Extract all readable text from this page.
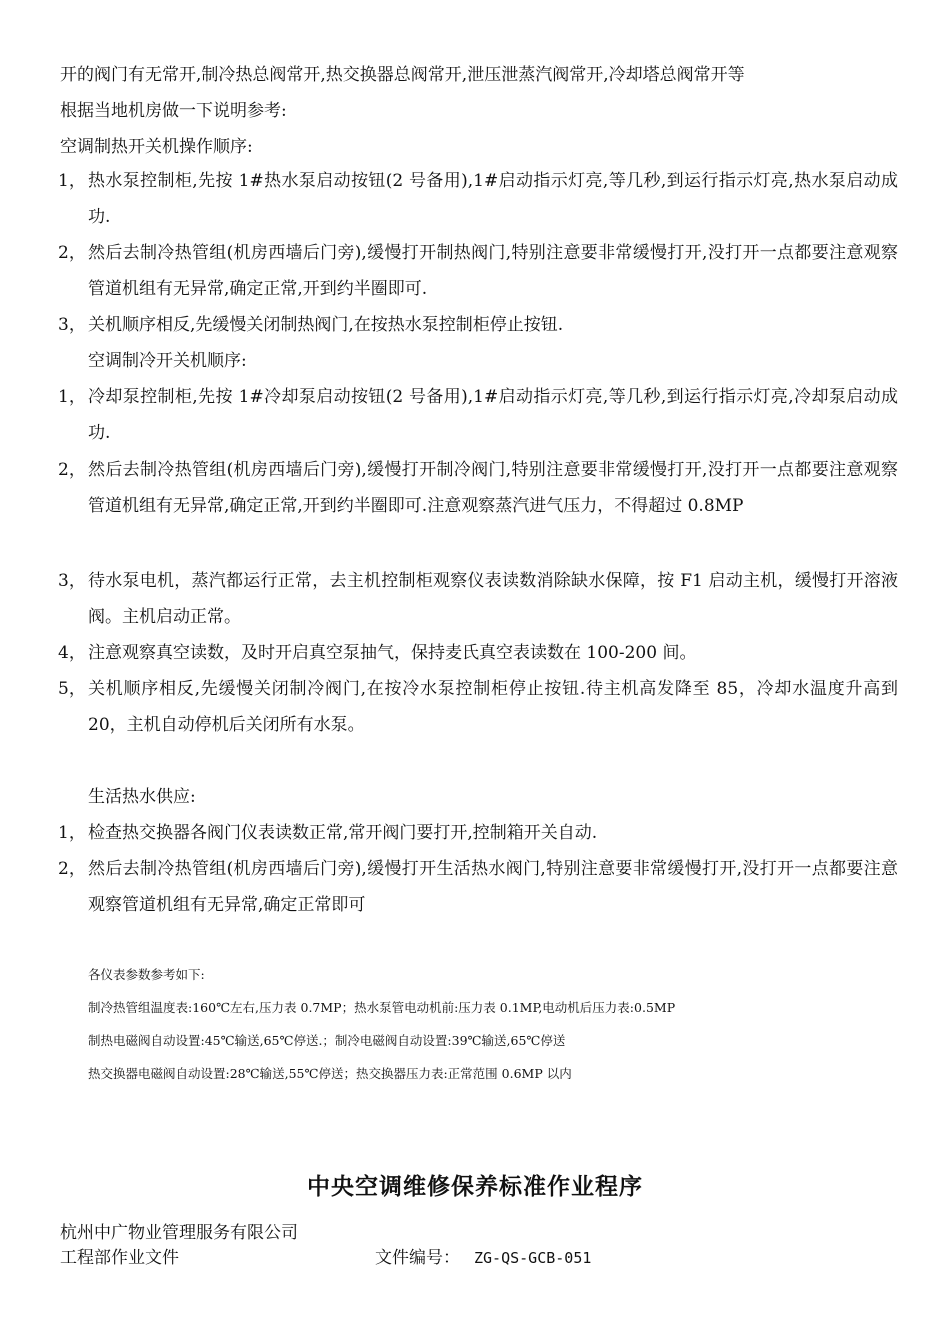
开的阀门有无常开,制冷热总阀常开,热交换器总阀常开,泄压泄蒸汽阀常开,冷却塔总阀常开等
根据当地机房做一下说明参考:
空调制热开关机操作顺序:
1， 热水泵控制柜,先按 1#热水泵启动按钮(2 号备用),1#启动指示灯亮,等几秒,到运行指示灯亮,热水泵启动成功.
2， 然后去制冷热管组(机房西墙后门旁),缓慢打开制热阀门,特别注意要非常缓慢打开,没打开一点都要注意观察管道机组有无异常,确定正常,开到约半圈即可.
3， 关机顺序相反,先缓慢关闭制热阀门,在按热水泵控制柜停止按钮.
空调制冷开关机顺序:
1， 冷却泵控制柜,先按 1#冷却泵启动按钮(2 号备用),1#启动指示灯亮,等几秒,到运行指示灯亮,冷却泵启动成功.
2， 然后去制冷热管组(机房西墙后门旁),缓慢打开制冷阀门,特别注意要非常缓慢打开,没打开一点都要注意观察管道机组有无异常,确定正常,开到约半圈即可.注意观察蒸汽进气压力，不得超过 0.8MP
3， 待水泵电机，蒸汽都运行正常，去主机控制柜观察仪表读数消除缺水保障，按 F1 启动主机，缓慢打开溶液阀。主机启动正常。
4， 注意观察真空读数，及时开启真空泵抽气，保持麦氏真空表读数在 100-200 间。
5， 关机顺序相反,先缓慢关闭制冷阀门,在按冷水泵控制柜停止按钮.待主机高发降至 85，冷却水温度升高到 20，主机自动停机后关闭所有水泵。
生活热水供应:
1， 检查热交换器各阀门仪表读数正常,常开阀门要打开,控制箱开关自动.
2， 然后去制冷热管组(机房西墙后门旁),缓慢打开生活热水阀门,特别注意要非常缓慢打开,没打开一点都要注意观察管道机组有无异常,确定正常即可
各仪表参数参考如下:
制冷热管组温度表:160℃左右,压力表 0.7MP；热水泵管电动机前:压力表 0.1MP,电动机后压力表:0.5MP
制热电磁阀自动设置:45℃输送,65℃停送.；制冷电磁阀自动设置:39℃输送,65℃停送
热交换器电磁阀自动设置:28℃输送,55℃停送；热交换器压力表:正常范围 0.6MP 以内
中央空调维修保养标准作业程序
杭州中广物业管理服务有限公司
工程部作业文件	文件编号： ZG-QS-GCB-051
